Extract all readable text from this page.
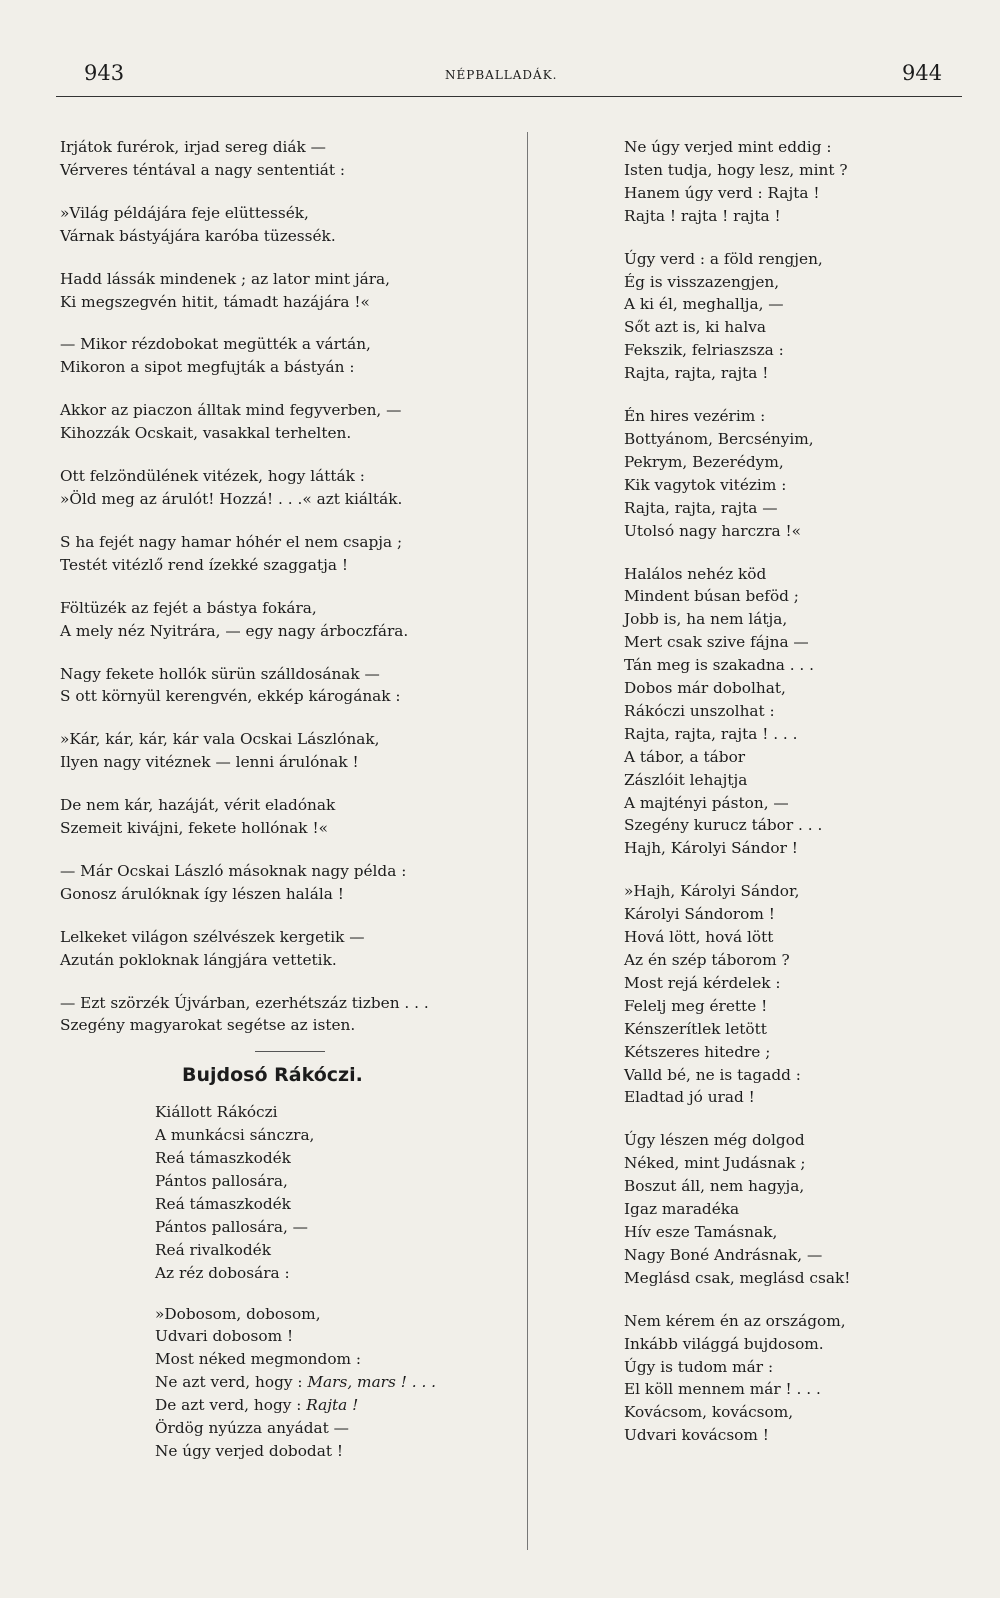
943	NÉPBALLADÁK.	944
Irjátok furérok, irjad sereg diák —
Vérveres téntával a nagy sententiát :
»Világ példájára feje elüttessék,
Várnak bástyájára karóba tüzessék.
Hadd lássák mindenek ; az lator mint jára,
Ki megszegvén hitit, támadt hazájára !«
— Mikor rézdobokat megütték a vártán,
Mikoron a sipot megfujták a bástyán :
Akkor az piaczon álltak mind fegyverben, —
Kihozzák Ocskait, vasakkal terhelten.
Ott felzöndülének vitézek, hogy látták :
»Öld meg az árulót! Hozzá! . . .« azt kiálták.
S ha fejét nagy hamar hóhér el nem csapja ;
Testét vitézlő rend ízekké szaggatja !
Föltüzék az fejét a bástya fokára,
A mely néz Nyitrára, — egy nagy árboczfára.
Nagy fekete hollók sürün szálldosának —
S ott környül kerengvén, ekkép károgának :
»Kár, kár, kár, kár vala Ocskai Lászlónak,
Ilyen nagy vitéznek — lenni árulónak !
De nem kár, hazáját, vérit eladónak
Szemeit kivájni, fekete hollónak !«
— Már Ocskai László másoknak nagy példa :
Gonosz árulóknak így lészen halála !
Lelkeket világon szélvészek kergetik —
Azután pokloknak lángjára vettetik.
— Ezt szörzék Újvárban, ezerhétszáz tizben . . .
Szegény magyarokat segétse az isten.
Bujdosó Rákóczi.
Kiállott Rákóczi
A munkácsi sánczra,
Reá támaszkodék
Pántos pallosára,
Reá támaszkodék
Pántos pallosára, —
Reá rivalkodék
Az réz dobosára :
»Dobosom, dobosom,
Udvari dobosom !
Most néked megmondom :
Ne azt verd, hogy : Mars, mars ! . . .
De azt verd, hogy : Rajta !
Ördög nyúzza anyádat —
Ne úgy verjed dobodat !
Ne úgy verjed mint eddig :
Isten tudja, hogy lesz, mint ?
Hanem úgy verd : Rajta !
Rajta ! rajta ! rajta !
Úgy verd : a föld rengjen,
Ég is visszazengjen,
A ki él, meghallja, —
Sőt azt is, ki halva
Fekszik, felriaszsza :
Rajta, rajta, rajta !
Én hires vezérim :
Bottyánom, Bercsényim,
Pekrym, Bezerédym,
Kik vagytok vitézim :
Rajta, rajta, rajta —
Utolsó nagy harczra !«
Halálos nehéz köd
Mindent búsan beföd ;
Jobb is, ha nem látja,
Mert csak szive fájna —
Tán meg is szakadna . . .
Dobos már dobolhat,
Rákóczi unszolhat :
Rajta, rajta, rajta ! . . .
A tábor, a tábor
Zászlóit lehajtja
A majtényi páston, —
Szegény kurucz tábor . . .
Hajh, Károlyi Sándor !
»Hajh, Károlyi Sándor,
Károlyi Sándorom !
Hová lött, hová lött
Az én szép táborom ?
Most rejá kérdelek :
Felelj meg érette !
Kénszerítlek letött
Kétszeres hitedre ;
Valld bé, ne is tagadd :
Eladtad jó urad !
Úgy lészen még dolgod
Néked, mint Judásnak ;
Boszut áll, nem hagyja,
Igaz maradéka
Hív esze Tamásnak,
Nagy Boné Andrásnak, —
Meglásd csak, meglásd csak!
Nem kérem én az országom,
Inkább világgá bujdosom.
Úgy is tudom már :
El köll mennem már ! . . .
Kovácsom, kovácsom,
Udvari kovácsom !
